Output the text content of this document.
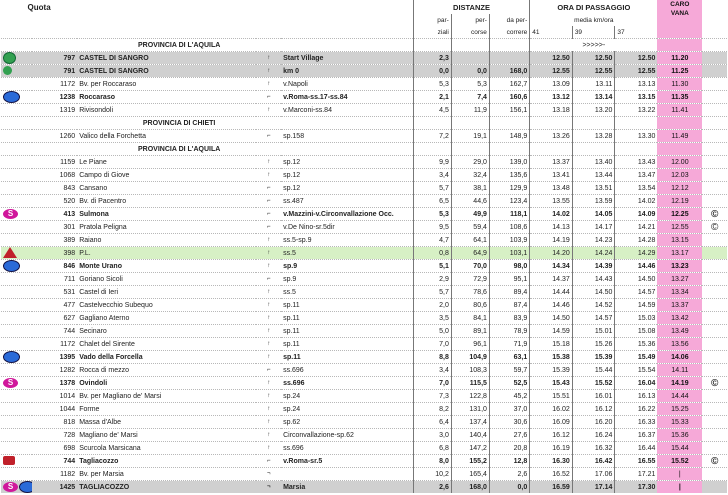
Quota					DISTANZE			ORA DI PASSAGGIO			CARO
VANA	
					par-	per-	da per-	media km/ora				
					ziali	corse	correre	41	39	37		
		PROVINCIA DI L'AQUILA						>>>>>-				
	797	CASTEL DI SANGRO	↑	Start Village	2,3			12.50	12.50	12.50	11.20	
	791	CASTEL DI SANGRO	↑	km 0	0,0	0,0	168,0	12.55	12.55	12.55	11.25	
	1172	Bv. per Roccaraso	↑	v.Napoli	5,3	5,3	162,7	13.09	13.11	13.13	11.30	
	1238	Roccaraso	⌐	v.Roma-ss.17-ss.84	2,1	7,4	160,6	13.12	13.14	13.15	11.35	
	1319	Rivisondoli	↑	v.Marconi-ss.84	4,5	11,9	156,1	13.18	13.20	13.22	11.41	
		PROVINCIA DI CHIETI										
	1260	Valico della Forchetta	⌐	sp.158	7,2	19,1	148,9	13.26	13.28	13.30	11.49	
		PROVINCIA DI L'AQUILA										
	1159	Le Piane	↑	sp.12	9,9	29,0	139,0	13.37	13.40	13.43	12.00	
	1068	Campo di Giove	↑	sp.12	3,4	32,4	135,6	13.41	13.44	13.47	12.03	
	843	Cansano	⌐	sp.12	5,7	38,1	129,9	13.48	13.51	13.54	12.12	
	520	Bv. di Pacentro	⌐	ss.487	6,5	44,6	123,4	13.55	13.59	14.02	12.19	
S	413	Sulmona	⌐	v.Mazzini-v.Circonvallazione Occ.	5,3	49,9	118,1	14.02	14.05	14.09	12.25	©
	301	Pratola Peligna	⌐	v.De Nino-sr.5dir	9,5	59,4	108,6	14.13	14.17	14.21	12.55	©
	389	Raiano	↑	ss.5-sp.9	4,7	64,1	103,9	14.19	14.23	14.28	13.15	
	398	P.L.	↑	ss.5	0,8	64,9	103,1	14.20	14.24	14.29	13.17	
	846	Monte Urano	↑	sp.9	5,1	70,0	98,0	14.34	14.39	14.46	13.23	
	711	Goriano Sicoli	⌐	sp.9	2,9	72,9	95,1	14.37	14.43	14.50	13.27	
	531	Castel di Ieri	↑	ss.5	5,7	78,6	89,4	14.44	14.50	14.57	13.34	
	477	Castelvecchio Subequo	↑	sp.11	2,0	80,6	87,4	14.46	14.52	14.59	13.37	
	627	Gagliano Aterno	↑	sp.11	3,5	84,1	83,9	14.50	14.57	15.03	13.42	
	744	Secinaro	↑	sp.11	5,0	89,1	78,9	14.59	15.01	15.08	13.49	
	1172	Chalet del Sirente	↑	sp.11	7,0	96,1	71,9	15.18	15.26	15.36	13.56	
	1395	Vado della Forcella	↑	sp.11	8,8	104,9	63,1	15.38	15.39	15.49	14.06	
	1282	Rocca di mezzo	⌐	ss.696	3,4	108,3	59,7	15.39	15.44	15.54	14.11	
S	1378	Ovindoli	↑	ss.696	7,0	115,5	52,5	15.43	15.52	16.04	14.19	©
	1014	Bv. per Magliano de' Marsi	↑	sp.24	7,3	122,8	45,2	15.51	16.01	16.13	14.44	
	1044	Forme	↑	sp.24	8,2	131,0	37,0	16.02	16.12	16.22	15.25	
	818	Massa d'Albe	↑	sp.62	6,4	137,4	30,6	16.09	16.20	16.33	15.33	
	728	Magliano de' Marsi	↑	Circonvallazione-sp.62	3,0	140,4	27,6	16.12	16.24	16.37	15.36	
	698	Scurcola Marsicana	↑	ss.696	6,8	147,2	20,8	16.19	16.32	16.44	15.44	
	744	Tagliacozzo	⌐	v.Roma-sr.5	8,0	155,2	12,8	16.30	16.42	16.55	15.52	©
	1182	Bv. per Marsia	¬		10,2	165,4	2,6	16.52	17.06	17.21	|	
S	1425	TAGLIACOZZO	¬	Marsia	2,6	168,0	0,0	16.59	17.14	17.30	|	
